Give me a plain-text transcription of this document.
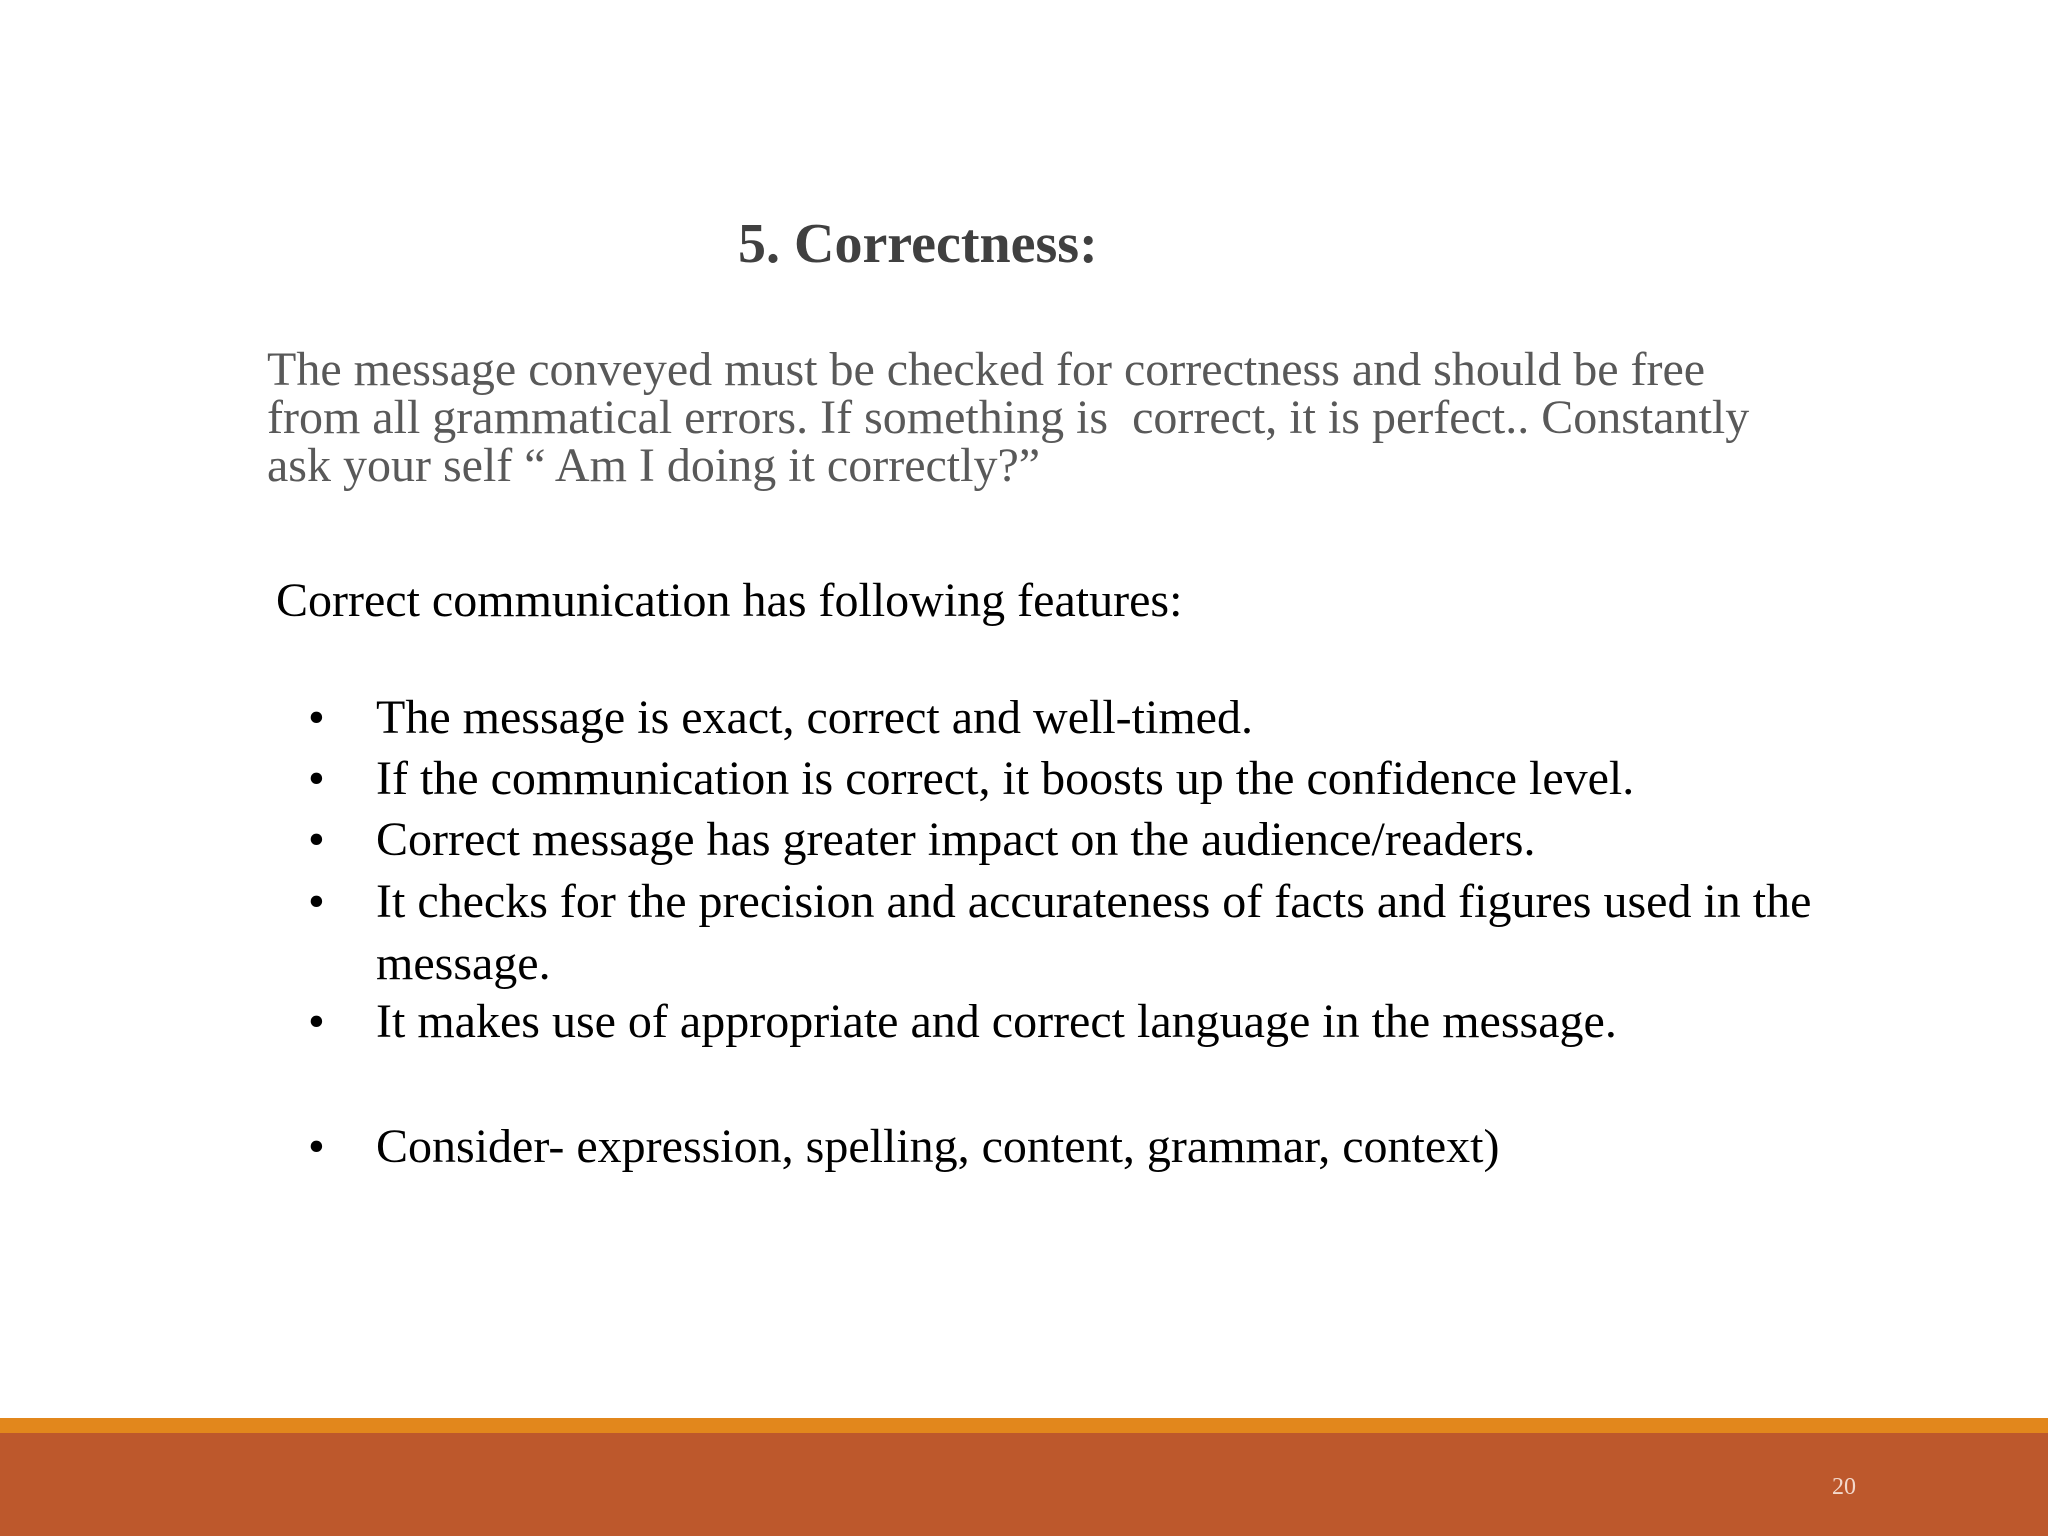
5. Correctness:
The message conveyed must be checked for correctness and should be free
from all grammatical errors. If something is  correct, it is perfect.. Constantly
ask your self “ Am I doing it correctly?”
Correct communication has following features:
•	The message is exact, correct and well-timed.
•	If the communication is correct, it boosts up the confidence level.
•	Correct message has greater impact on the audience/readers.
•	It checks for the precision and accurateness of facts and figures used in the message.
•	It makes use of appropriate and correct language in the message.
•	Consider- expression, spelling, content, grammar, context)
20
